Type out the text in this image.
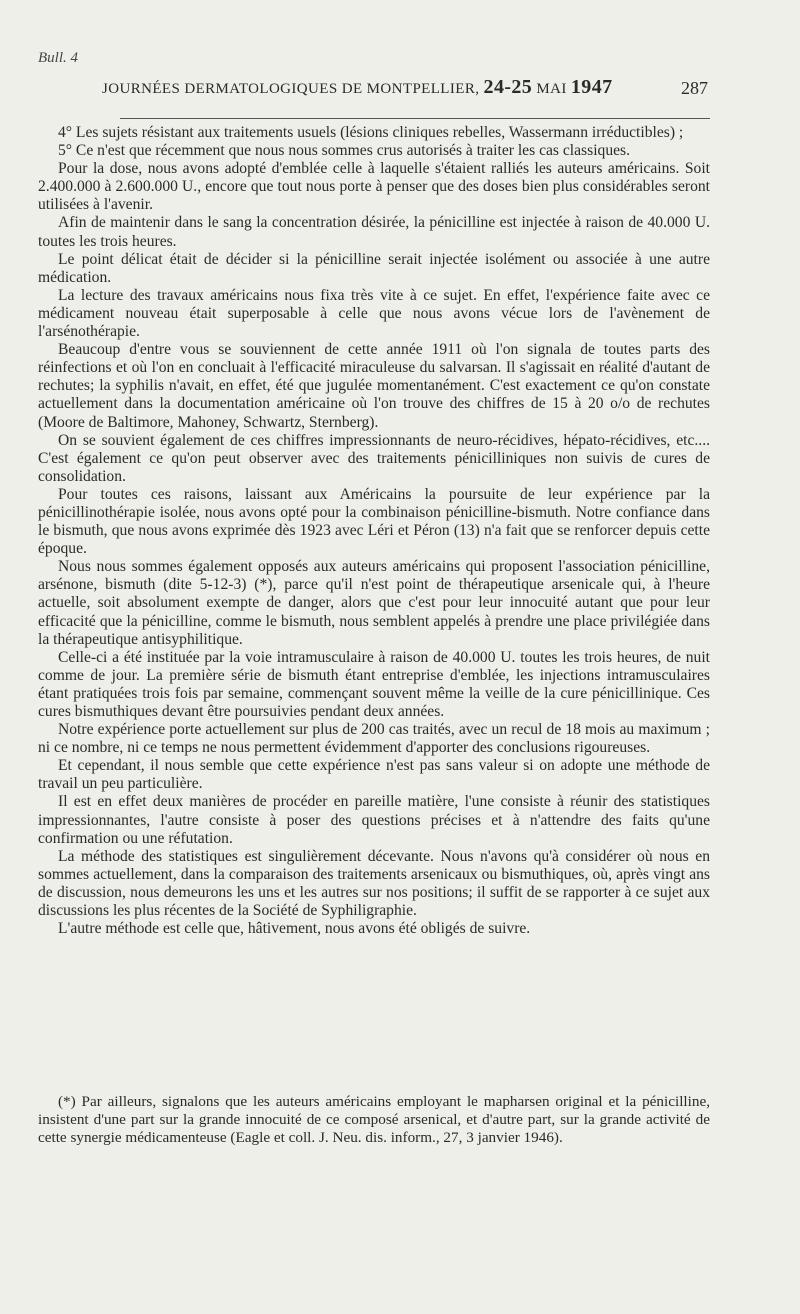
Bull. 4
JOURNÉES DERMATOLOGIQUES DE MONTPELLIER, 24-25 MAI 1947	287

4° Les sujets résistant aux traitements usuels (lésions cliniques rebelles, Wassermann irréductibles) ;

5° Ce n'est que récemment que nous nous sommes crus autorisés à traiter les cas classiques.

Pour la dose, nous avons adopté d'emblée celle à laquelle s'étaient ralliés les auteurs américains. Soit 2.400.000 à 2.600.000 U., encore que tout nous porte à penser que des doses bien plus considérables seront utilisées à l'avenir.

Afin de maintenir dans le sang la concentration désirée, la pénicilline est injectée à raison de 40.000 U. toutes les trois heures.

Le point délicat était de décider si la pénicilline serait injectée isolément ou associée à une autre médication.

La lecture des travaux américains nous fixa très vite à ce sujet. En effet, l'expérience faite avec ce médicament nouveau était superposable à celle que nous avons vécue lors de l'avènement de l'arsénothérapie.

Beaucoup d'entre vous se souviennent de cette année 1911 où l'on signala de toutes parts des réinfections et où l'on en concluait à l'efficacité miraculeuse du salvarsan. Il s'agissait en réalité d'autant de rechutes; la syphilis n'avait, en effet, été que jugulée momentanément. C'est exactement ce qu'on constate actuellement dans la documentation américaine où l'on trouve des chiffres de 15 à 20 o/o de rechutes (Moore de Baltimore, Mahoney, Schwartz, Sternberg).

On se souvient également de ces chiffres impressionnants de neuro-récidives, hépato-récidives, etc.... C'est également ce qu'on peut observer avec des traitements pénicilliniques non suivis de cures de consolidation.

Pour toutes ces raisons, laissant aux Américains la poursuite de leur expérience par la pénicillinothérapie isolée, nous avons opté pour la combinaison pénicilline-bismuth. Notre confiance dans le bismuth, que nous avons exprimée dès 1923 avec Léri et Péron (13) n'a fait que se renforcer depuis cette époque.

Nous nous sommes également opposés aux auteurs américains qui proposent l'association pénicilline, arsénone, bismuth (dite 5-12-3) (*), parce qu'il n'est point de thérapeutique arsenicale qui, à l'heure actuelle, soit absolument exempte de danger, alors que c'est pour leur innocuité autant que pour leur efficacité que la pénicilline, comme le bismuth, nous semblent appelés à prendre une place privilégiée dans la thérapeutique antisyphilitique.

Celle-ci a été instituée par la voie intramusculaire à raison de 40.000 U. toutes les trois heures, de nuit comme de jour. La première série de bismuth étant entreprise d'emblée, les injections intramusculaires étant pratiquées trois fois par semaine, commençant souvent même la veille de la cure pénicillinique. Ces cures bismuthiques devant être poursuivies pendant deux années.

Notre expérience porte actuellement sur plus de 200 cas traités, avec un recul de 18 mois au maximum ; ni ce nombre, ni ce temps ne nous permettent évidemment d'apporter des conclusions rigoureuses.

Et cependant, il nous semble que cette expérience n'est pas sans valeur si on adopte une méthode de travail un peu particulière.

Il est en effet deux manières de procéder en pareille matière, l'une consiste à réunir des statistiques impressionnantes, l'autre consiste à poser des questions précises et à n'attendre des faits qu'une confirmation ou une réfutation.

La méthode des statistiques est singulièrement décevante. Nous n'avons qu'à considérer où nous en sommes actuellement, dans la comparaison des traitements arsenicaux ou bismuthiques, où, après vingt ans de discussion, nous demeurons les uns et les autres sur nos positions; il suffit de se rapporter à ce sujet aux discussions les plus récentes de la Société de Syphiligraphie.

L'autre méthode est celle que, hâtivement, nous avons été obligés de suivre.

(*) Par ailleurs, signalons que les auteurs américains employant le mapharsen original et la pénicilline, insistent d'une part sur la grande innocuité de ce composé arsenical, et d'autre part, sur la grande activité de cette synergie médicamenteuse (Eagle et coll. J. Neu. dis. inform., 27, 3 janvier 1946).
